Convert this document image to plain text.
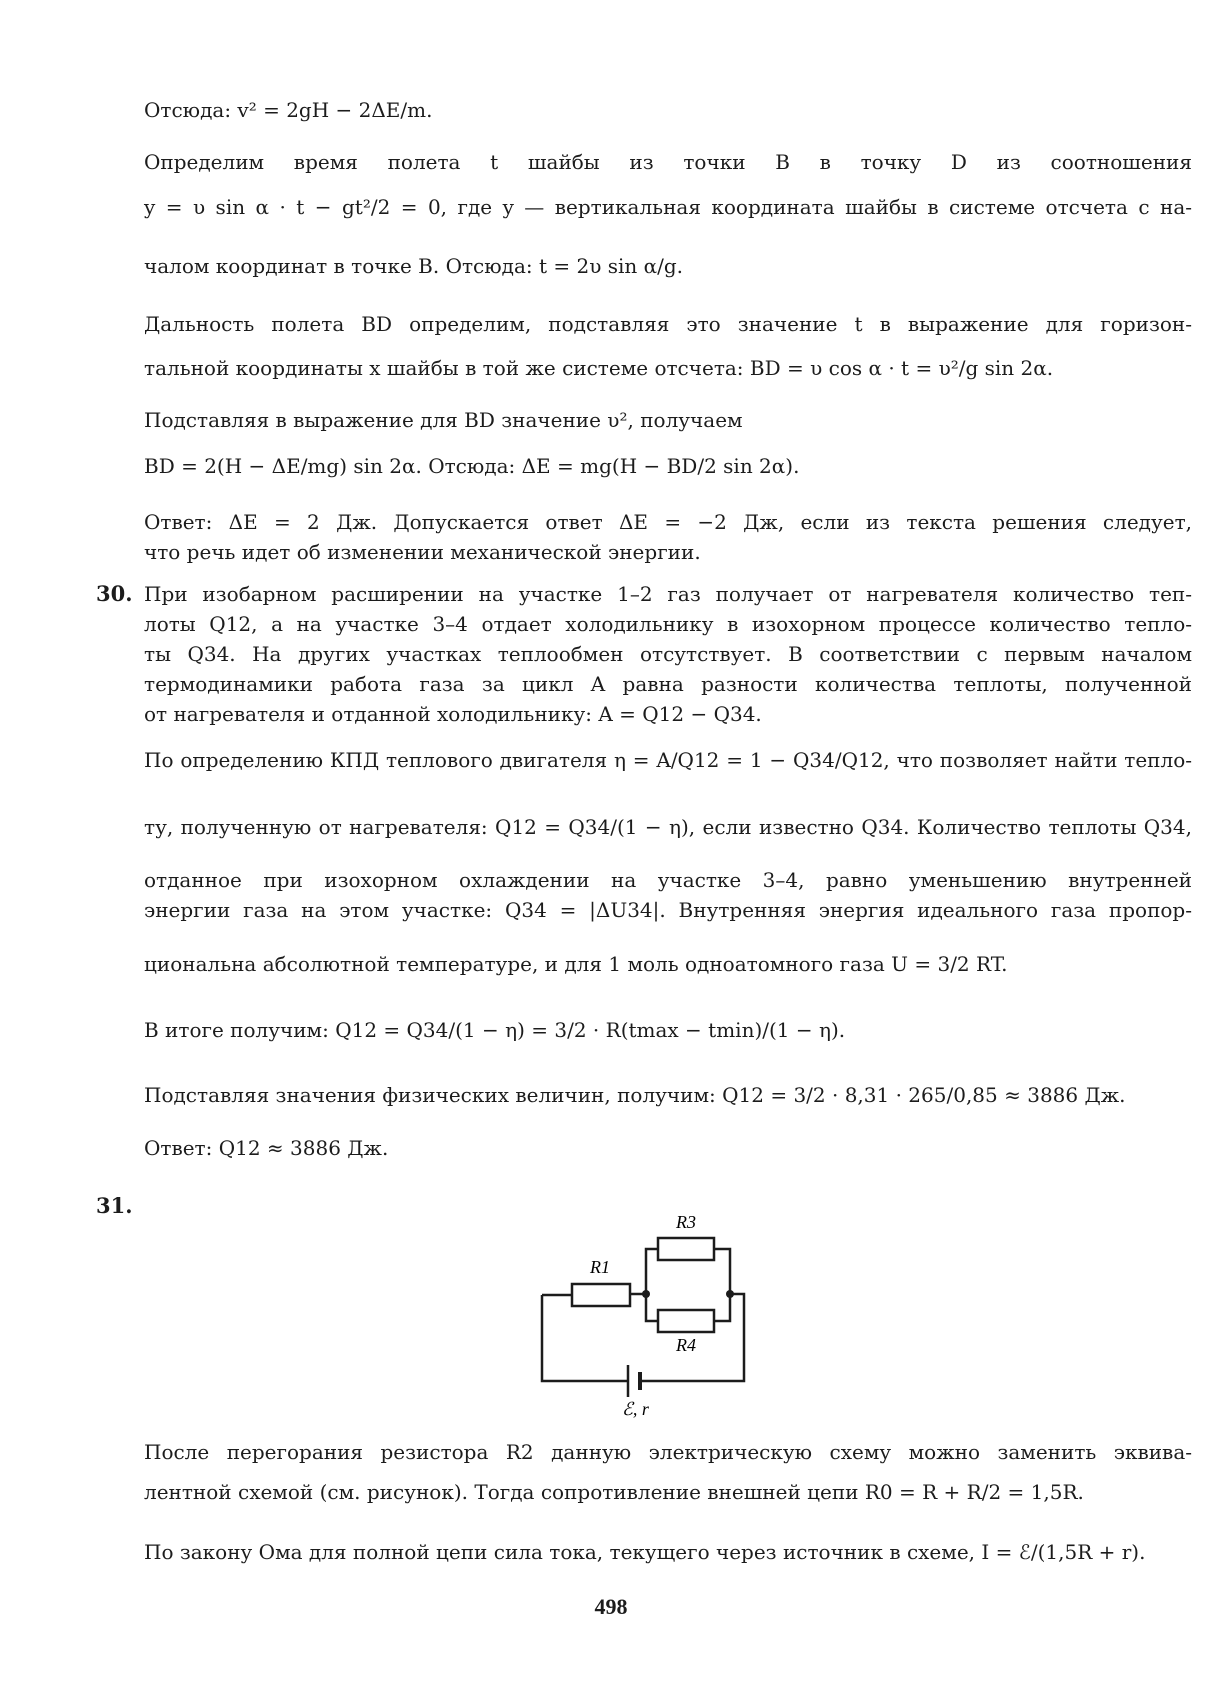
Отсюда: v² = 2gH − 2ΔE/m.
Определим время полета t шайбы из точки B в точку D из соотношения
y = υ sin α · t − gt²/2 = 0, где y — вертикальная координата шайбы в системе отсчета с на-
чалом координат в точке B. Отсюда: t = 2υ sin α/g.
Дальность полета BD определим, подставляя это значение t в выражение для горизон-
тальной координаты x шайбы в той же системе отсчета: BD = υ cos α · t = υ²/g sin 2α.
Подставляя в выражение для BD значение υ², получаем
BD = 2(H − ΔE/mg) sin 2α. Отсюда: ΔE = mg(H − BD/2 sin 2α).
Ответ: ΔE = 2 Дж. Допускается ответ ΔE = −2 Дж, если из текста решения следует,
что речь идет об изменении механической энергии.
30. При изобарном расширении на участке 1–2 газ получает от нагревателя количество теп-
лоты Q12, а на участке 3–4 отдает холодильнику в изохорном процессе количество тепло-
ты Q34. На других участках теплообмен отсутствует. В соответствии с первым началом
термодинамики работа газа за цикл A равна разности количества теплоты, полученной
от нагревателя и отданной холодильнику: A = Q12 − Q34.
По определению КПД теплового двигателя η = A/Q12 = 1 − Q34/Q12, что позволяет найти тепло-
ту, полученную от нагревателя: Q12 = Q34/(1 − η), если известно Q34. Количество теплоты Q34,
отданное при изохорном охлаждении на участке 3–4, равно уменьшению внутренней
энергии газа на этом участке: Q34 = |ΔU34|. Внутренняя энергия идеального газа пропор-
циональна абсолютной температуре, и для 1 моль одноатомного газа U = 3/2 RT.
В итоге получим: Q12 = Q34/(1 − η) = 3/2 · R(tmax − tmin)/(1 − η).
Подставляя значения физических величин, получим: Q12 = 3/2 · 8,31 · 265/0,85 ≈ 3886 Дж.
Ответ: Q12 ≈ 3886 Дж.
31.
R1
R3
R4
ℰ, r
После перегорания резистора R2 данную электрическую схему можно заменить эквива-
лентной схемой (см. рисунок). Тогда сопротивление внешней цепи R0 = R + R/2 = 1,5R.
По закону Ома для полной цепи сила тока, текущего через источник в схеме, I = ℰ/(1,5R + r).
498
